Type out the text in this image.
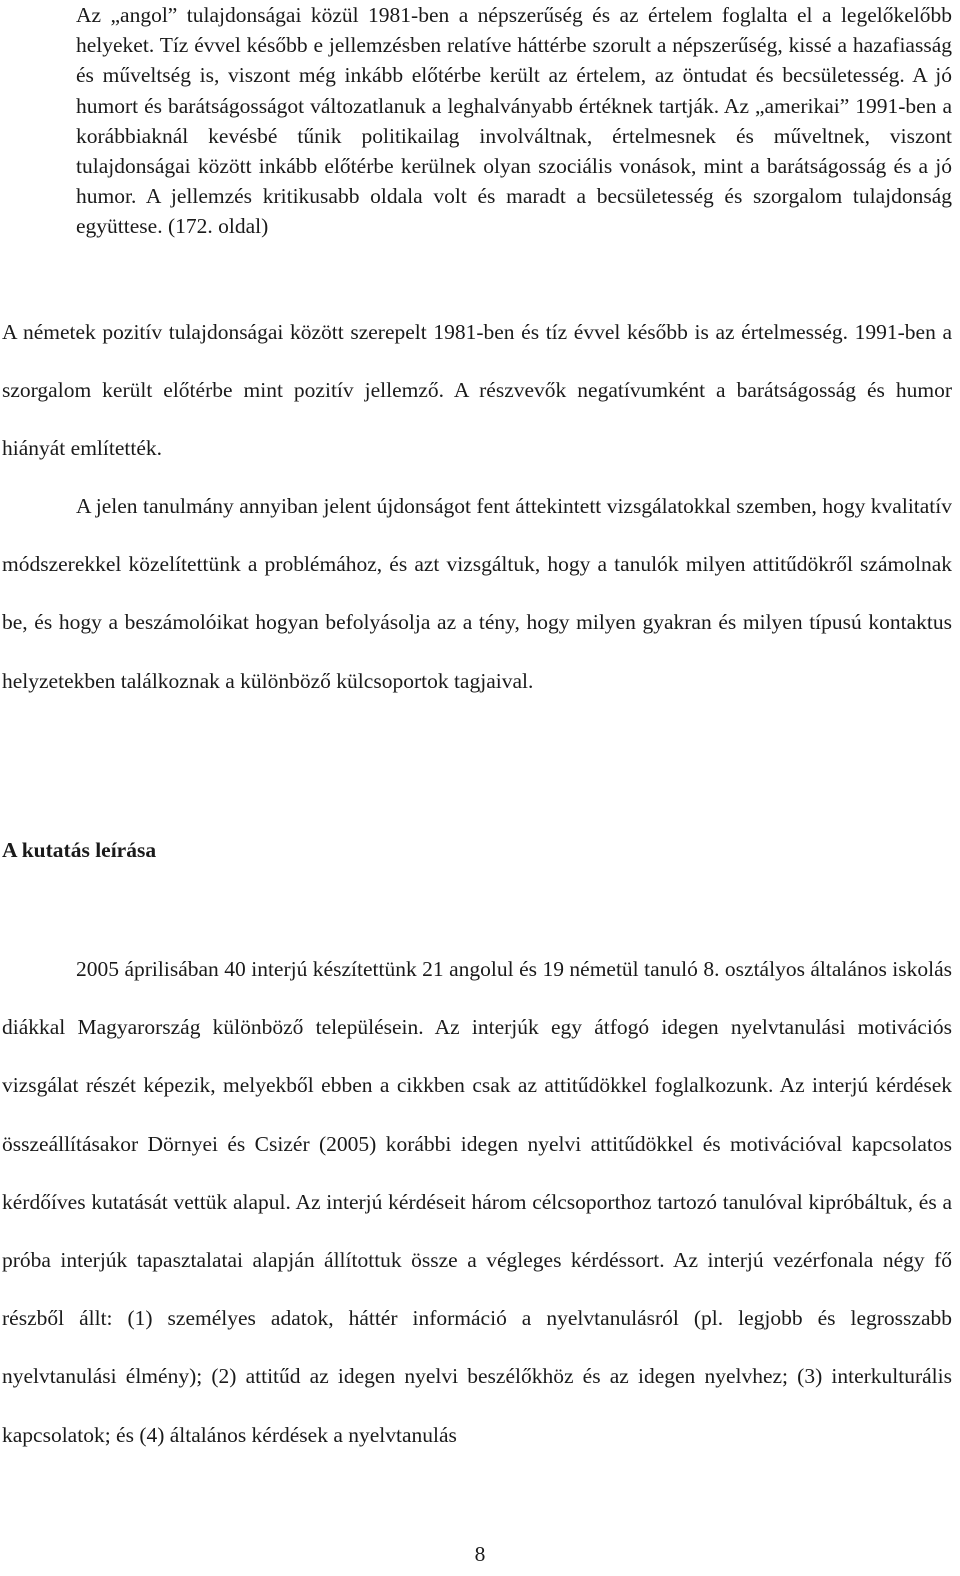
Az „angol” tulajdonságai közül 1981-ben a népszerűség és az értelem foglalta el a legelőkelőbb helyeket. Tíz évvel később e jellemzésben relatíve háttérbe szorult a népszerűség, kissé a hazafiasság és műveltség is, viszont még inkább előtérbe került az értelem, az öntudat és becsületesség. A jó humort és barátságosságot változatlanuk a leghalványabb értéknek tartják. Az „amerikai” 1991-ben a korábbiaknál kevésbé tűnik politikailag involváltnak, értelmesnek és műveltnek, viszont tulajdonságai között inkább előtérbe kerülnek olyan szociális vonások, mint a barátságosság és a jó humor. A jellemzés kritikusabb oldala volt és maradt a becsületesség és szorgalom tulajdonság együttese. (172. oldal)

A németek pozitív tulajdonságai között szerepelt 1981-ben és tíz évvel később is az értelmesség. 1991-ben a szorgalom került előtérbe mint pozitív jellemző. A részvevők negatívumként a barátságosság és humor hiányát említették.

A jelen tanulmány annyiban jelent újdonságot fent áttekintett vizsgálatokkal szemben, hogy kvalitatív módszerekkel közelítettünk a problémához, és azt vizsgáltuk, hogy a tanulók milyen attitűdökről számolnak be, és hogy a beszámolóikat hogyan befolyásolja az a tény, hogy milyen gyakran és milyen típusú kontaktus helyzetekben találkoznak a különböző külcsoportok tagjaival.

A kutatás leírása

2005 áprilisában 40 interjú készítettünk 21 angolul és 19 németül tanuló 8. osztályos általános iskolás diákkal Magyarország különböző településein. Az interjúk egy átfogó idegen nyelvtanulási motivációs vizsgálat részét képezik, melyekből ebben a cikkben csak az attitűdökkel foglalkozunk. Az interjú kérdések összeállításakor Dörnyei és Csizér (2005) korábbi idegen nyelvi attitűdökkel és motivációval kapcsolatos kérdőíves kutatását vettük alapul. Az interjú kérdéseit három célcsoporthoz tartozó tanulóval kipróbáltuk, és a próba interjúk tapasztalatai alapján állítottuk össze a végleges kérdéssort. Az interjú vezérfonala négy fő részből állt: (1) személyes adatok, háttér információ a nyelvtanulásról (pl. legjobb és legrosszabb nyelvtanulási élmény); (2) attitűd az idegen nyelvi beszélőkhöz és az idegen nyelvhez; (3) interkulturális kapcsolatok; és (4) általános kérdések a nyelvtanulás

8
